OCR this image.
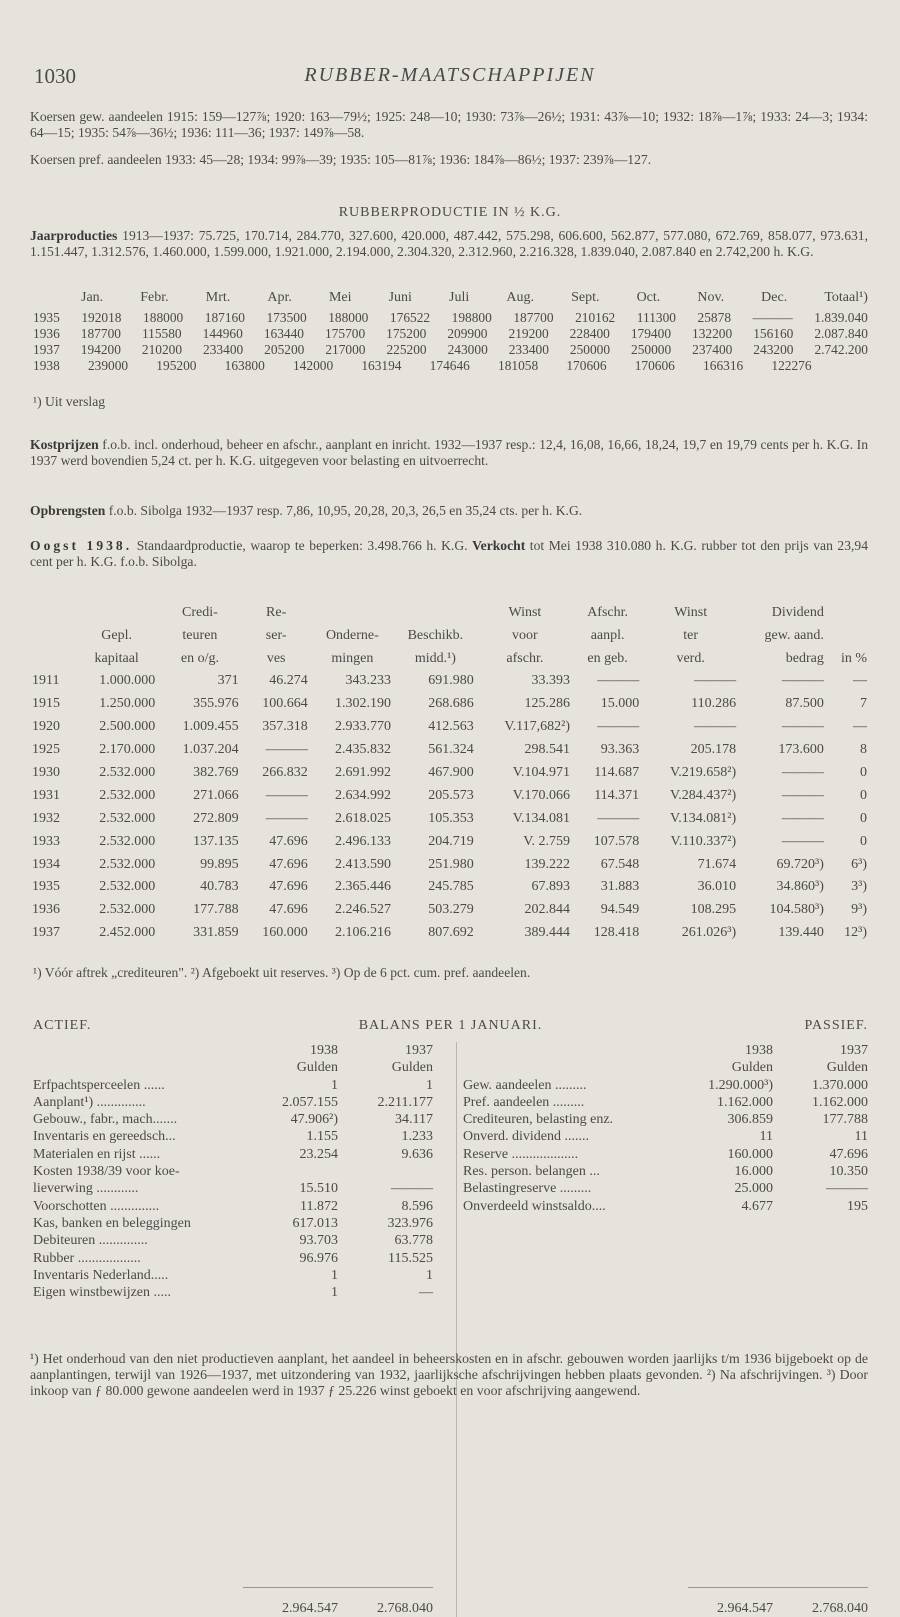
1030	RUBBER-MAATSCHAPPIJEN
Koersen gew. aandeelen 1915: 159—127⅞; 1920: 163—79½; 1925: 248—10; 1930: 73⅞—26½; 1931: 43⅞—10; 1932: 18⅞—1⅞; 1933: 24—3; 1934: 64—15; 1935: 54⅞—36½; 1936: 111—36; 1937: 149⅞—58.
Koersen pref. aandeelen 1933: 45—28; 1934: 99⅞—39; 1935: 105—81⅞; 1936: 184⅞—86½; 1937: 239⅞—127.
RUBBERPRODUCTIE IN ½ K.G.
Jaarproducties 1913—1937: 75.725, 170.714, 284.770, 327.600, 420.000, 487.442, 575.298, 606.600, 562.877, 577.080, 672.769, 858.077, 973.631, 1.151.447, 1.312.576, 1.460.000, 1.599.000, 1.921.000, 2.194.000, 2.304.320, 2.312.960, 2.216.328, 1.839.040, 2.087.840 en 2.742,200 h. K.G.
Jan.	Febr.	Mrt.	Apr.	Mei	Juni	Juli	Aug.	Sept.	Oct.	Nov.	Dec.	Totaal¹)
1935 192018 188000 187160 173500 188000 176522 198800 187700 210162 111300 25878 ——— 1.839.040
1936 187700 115580 144960 163440 175700 175200 209900 219200 228400 179400 132200 156160 2.087.840
1937 194200 210200 233400 205200 217000 225200 243000 233400 250000 250000 237400 243200 2.742.200
1938 239000 195200 163800 142000 163194 174646 181058 170606 170606 166316 122276
¹) Uit verslag
Kostprijzen f.o.b. incl. onderhoud, beheer en afschr., aanplant en inricht. 1932—1937 resp.: 12,4, 16,08, 16,66, 18,24, 19,7 en 19,79 cents per h. K.G. In 1937 werd bovendien 5,24 ct. per h. K.G. uitgegeven voor belasting en uitvoerrecht.
Opbrengsten f.o.b. Sibolga 1932—1937 resp. 7,86, 10,95, 20,28, 20,3, 26,5 en 35,24 cts. per h. K.G.
Oogst 1938. Standaardproductie, waarop te beperken: 3.498.766 h. K.G. Verkocht tot Mei 1938 310.080 h. K.G. rubber tot den prijs van 23,94 cent per h. K.G. f.o.b. Sibolga.
		Credi-	Re-			Winst	Afschr.	Winst	Dividend	
	Gepl.	teuren	ser-	Onderne-	Beschikb.	voor	aanpl.	ter	gew. aand.	
	kapitaal	en o/g.	ves	mingen	midd.¹)	afschr.	en geb.	verd.	bedrag	in %
1911	1.000.000	371	46.274	343.233	691.980	33.393	———	———	———	—
1915	1.250.000	355.976	100.664	1.302.190	268.686	125.286	15.000	110.286	87.500	7
1920	2.500.000	1.009.455	357.318	2.933.770	412.563	V.117,682²)	———	———	———	—
1925	2.170.000	1.037.204	———	2.435.832	561.324	298.541	93.363	205.178	173.600	8
1930	2.532.000	382.769	266.832	2.691.992	467.900	V.104.971	114.687	V.219.658²)	———	0
1931	2.532.000	271.066	———	2.634.992	205.573	V.170.066	114.371	V.284.437²)	———	0
1932	2.532.000	272.809	———	2.618.025	105.353	V.134.081	———	V.134.081²)	———	0
1933	2.532.000	137.135	47.696	2.496.133	204.719	V. 2.759	107.578	V.110.337²)	———	0
1934	2.532.000	99.895	47.696	2.413.590	251.980	139.222	67.548	71.674	69.720³)	6³)
1935	2.532.000	40.783	47.696	2.365.446	245.785	67.893	31.883	36.010	34.860³)	3³)
1936	2.532.000	177.788	47.696	2.246.527	503.279	202.844	94.549	108.295	104.580³)	9³)
1937	2.452.000	331.859	160.000	2.106.216	807.692	389.444	128.418	261.026³)	139.440	12³)
¹) Vóór aftrek „crediteuren". ²) Afgeboekt uit reserves. ³) Op de 6 pct. cum. pref. aandeelen.
ACTIEF.	BALANS PER 1 JANUARI.	PASSIEF.
1938	1937
Gulden	Gulden
Erfpachtsperceelen ......	1	1
Aanplant¹) ..............	2.057.155	2.211.177
Gebouw., fabr., mach.......	47.906²)	34.117
Inventaris en gereedsch...	1.155	1.233
Materialen en rijst ......	23.254	9.636
Kosten 1938/39 voor koe-
lieverwing ............	15.510	———
Voorschotten ..............	11.872	8.596
Kas, banken en beleggingen	617.013	323.976
Debiteuren ..............	93.703	63.778
Rubber ..................	96.976	115.525
Inventaris Nederland.....	1	1
Eigen winstbewijzen .....	1	—
1938	1937
Gulden	Gulden
Gew. aandeelen .........	1.290.000³)	1.370.000
Pref. aandeelen .........	1.162.000	1.162.000
Crediteuren, belasting enz.	306.859	177.788
Onverd. dividend .......	11	11
Reserve ...................	160.000	47.696
Res. person. belangen ...	16.000	10.350
Belastingreserve .........	25.000	———
Onverdeeld winstsaldo....	4.677	195
2.964.547	2.768.040	2.964.547	2.768.040
¹) Het onderhoud van den niet productieven aanplant, het aandeel in beheerskosten en in afschr. gebouwen worden jaarlijks t/m 1936 bijgeboekt op de aanplantingen, terwijl van 1926—1937, met uitzondering van 1932, jaarlijksche afschrijvingen hebben plaats gevonden. ²) Na afschrijvingen. ³) Door inkoop van ƒ 80.000 gewone aandeelen werd in 1937 ƒ 25.226 winst geboekt en voor afschrijving aangewend.
